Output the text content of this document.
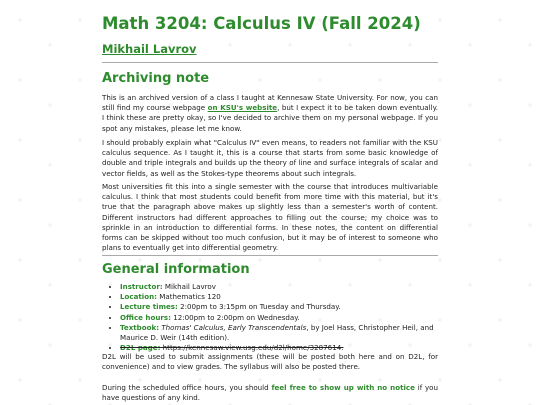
Math 3204: Calculus IV (Fall 2024)
Mikhail Lavrov
Archiving note

This is an archived version of a class I taught at Kennesaw State University. For now, you can still find my course webpage on KSU's website, but I expect it to be taken down eventually. I think these are pretty okay, so I've decided to archive them on my personal webpage. If you spot any mistakes, please let me know.

I should probably explain what "Calculus IV" even means, to readers not familiar with the KSU calculus sequence. As I taught it, this is a course that starts from some basic knowledge of double and triple integrals and builds up the theory of line and surface integrals of scalar and vector fields, as well as the Stokes-type theorems about such integrals.

Most universities fit this into a single semester with the course that introduces multivariable calculus. I think that most students could benefit from more time with this material, but it's true that the paragraph above makes up slightly less than a semester's worth of content. Different instructors had different approaches to filling out the course; my choice was to sprinkle in an introduction to differential forms. In these notes, the content on differential forms can be skipped without too much confusion, but it may be of interest to someone who plans to eventually get into differential geometry.

General information
• Instructor: Mikhail Lavrov
• Location: Mathematics 120
• Lecture times: 2:00pm to 3:15pm on Tuesday and Thursday.
• Office hours: 12:00pm to 2:00pm on Wednesday.
• Textbook: Thomas' Calculus, Early Transcendentals, by Joel Hass, Christopher Heil, and Maurice D. Weir (14th edition).
• D2L page: https://kennesaw.view.usg.edu/d2l/home/3287614.

D2L will be used to submit assignments (these will be posted both here and on D2L, for convenience) and to view grades. The syllabus will also be posted there.

During the scheduled office hours, you should feel free to show up with no notice if you have questions of any kind.
